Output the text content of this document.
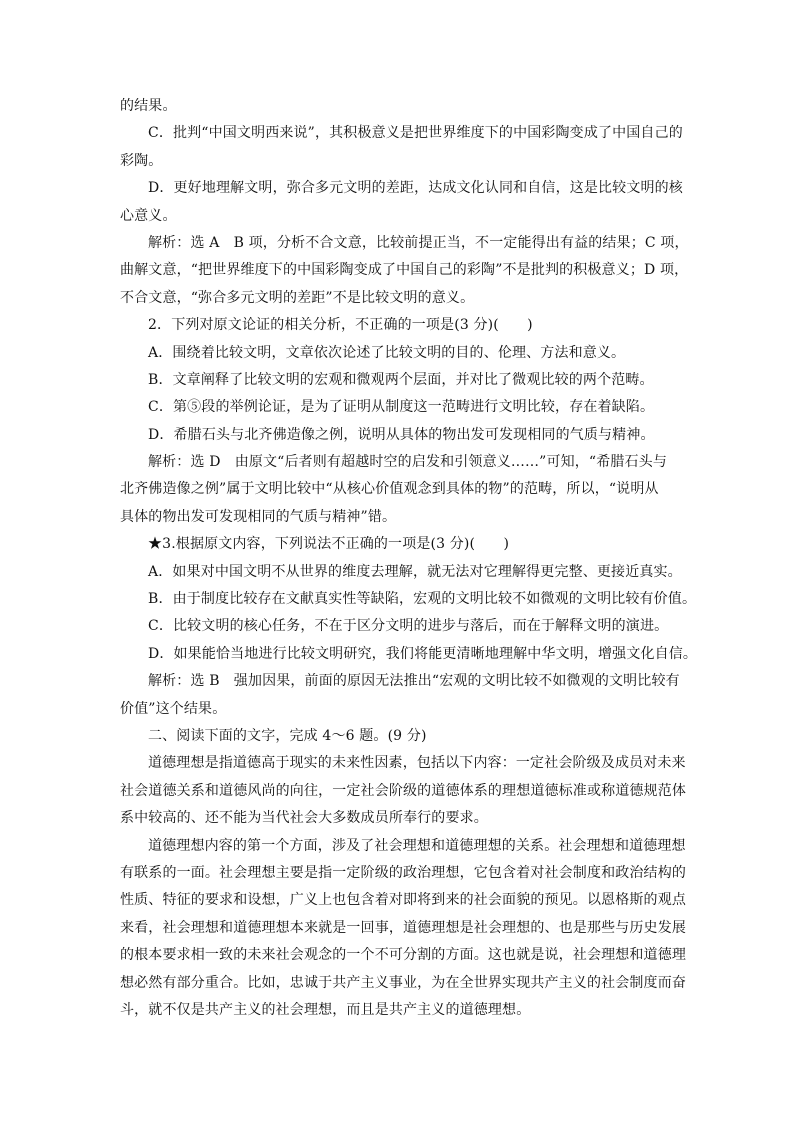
的结果。
C．批判“中国文明西来说”，其积极意义是把世界维度下的中国彩陶变成了中国自己的
彩陶。
D．更好地理解文明，弥合多元文明的差距，达成文化认同和自信，这是比较文明的核
心意义。
解析：选 A　B 项，分析不合文意，比较前提正当，不一定能得出有益的结果；C 项，
曲解文意，“把世界维度下的中国彩陶变成了中国自己的彩陶”不是批判的积极意义；D 项，
不合文意，“弥合多元文明的差距”不是比较文明的意义。
2．下列对原文论证的相关分析，不正确的一项是(3 分)(　　)
A．围绕着比较文明，文章依次论述了比较文明的目的、伦理、方法和意义。
B．文章阐释了比较文明的宏观和微观两个层面，并对比了微观比较的两个范畴。
C．第⑤段的举例论证，是为了证明从制度这一范畴进行文明比较，存在着缺陷。
D．希腊石头与北齐佛造像之例，说明从具体的物出发可发现相同的气质与精神。
解析：选 D　由原文“后者则有超越时空的启发和引领意义……”可知，“希腊石头与
北齐佛造像之例”属于文明比较中“从核心价值观念到具体的物”的范畴，所以，“说明从
具体的物出发可发现相同的气质与精神”错。
★3.根据原文内容，下列说法不正确的一项是(3 分)(　　)
A．如果对中国文明不从世界的维度去理解，就无法对它理解得更完整、更接近真实。
B．由于制度比较存在文献真实性等缺陷，宏观的文明比较不如微观的文明比较有价值。
C．比较文明的核心任务，不在于区分文明的进步与落后，而在于解释文明的演进。
D．如果能恰当地进行比较文明研究，我们将能更清晰地理解中华文明，增强文化自信。
解析：选 B　强加因果，前面的原因无法推出“宏观的文明比较不如微观的文明比较有
价值”这个结果。
二、阅读下面的文字，完成 4～6 题。(9 分)
道德理想是指道德高于现实的未来性因素，包括以下内容：一定社会阶级及成员对未来
社会道德关系和道德风尚的向往，一定社会阶级的道德体系的理想道德标准或称道德规范体
系中较高的、还不能为当代社会大多数成员所奉行的要求。
道德理想内容的第一个方面，涉及了社会理想和道德理想的关系。社会理想和道德理想
有联系的一面。社会理想主要是指一定阶级的政治理想，它包含着对社会制度和政治结构的
性质、特征的要求和设想，广义上也包含着对即将到来的社会面貌的预见。以恩格斯的观点
来看，社会理想和道德理想本来就是一回事，道德理想是社会理想的、也是那些与历史发展
的根本要求相一致的未来社会观念的一个不可分割的方面。这也就是说，社会理想和道德理
想必然有部分重合。比如，忠诚于共产主义事业，为在全世界实现共产主义的社会制度而奋
斗，就不仅是共产主义的社会理想，而且是共产主义的道德理想。
